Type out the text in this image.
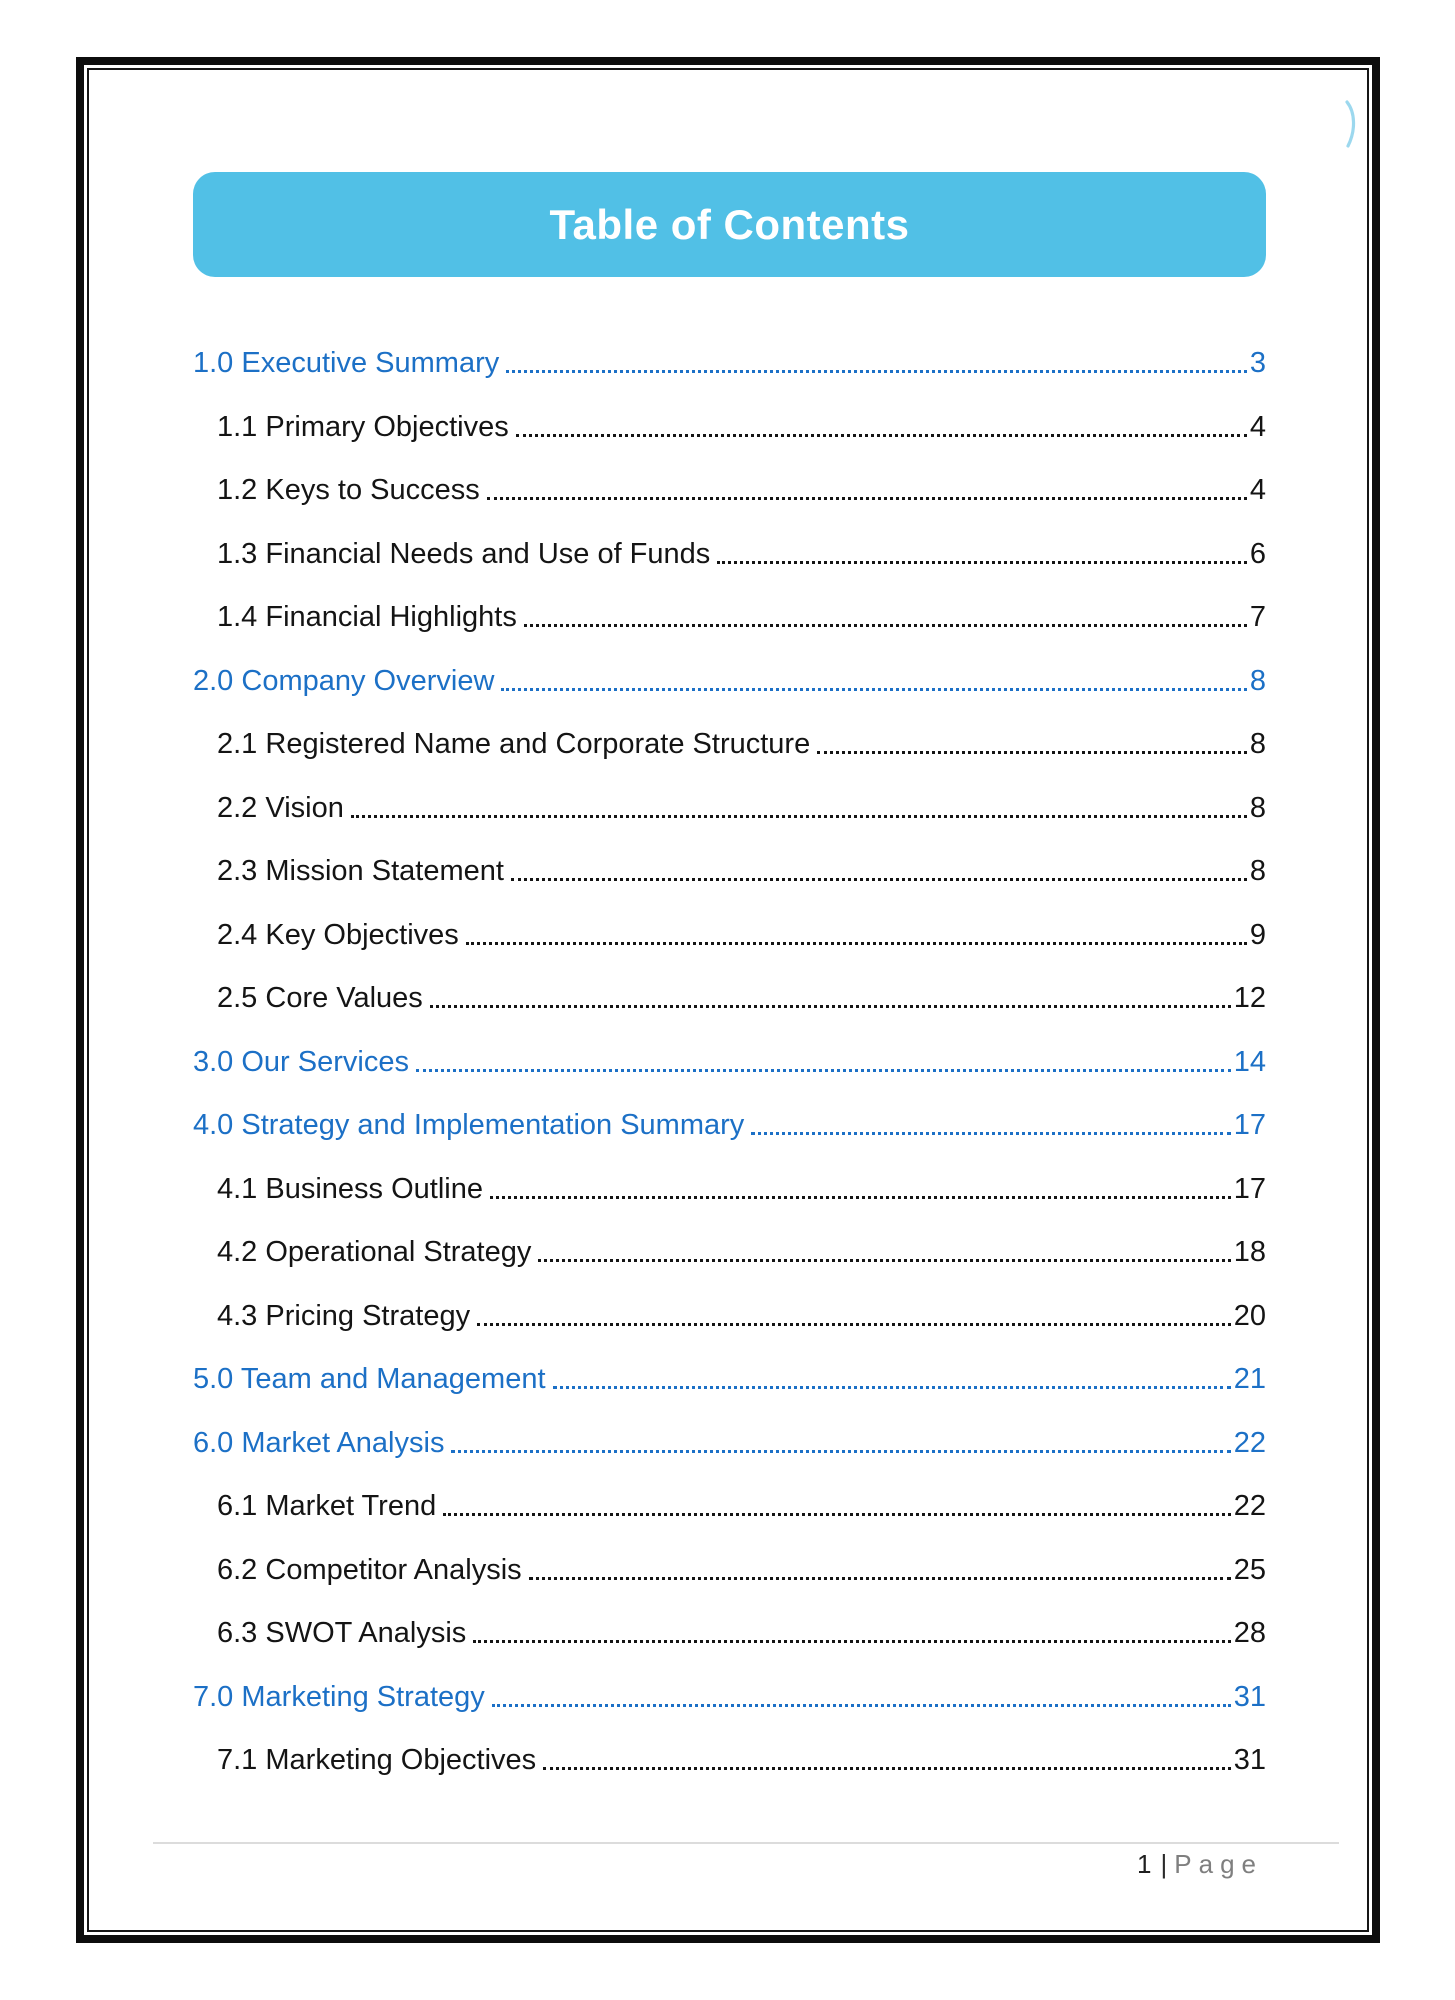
Table of Contents
1.0 Executive Summary	3
1.1 Primary Objectives	4
1.2 Keys to Success	4
1.3 Financial Needs and Use of Funds	6
1.4 Financial Highlights	7
2.0 Company Overview	8
2.1 Registered Name and Corporate Structure	8
2.2 Vision	8
2.3 Mission Statement	8
2.4 Key Objectives	9
2.5 Core Values	12
3.0 Our Services	14
4.0 Strategy and Implementation Summary	17
4.1 Business Outline	17
4.2 Operational Strategy	18
4.3 Pricing Strategy	20
5.0 Team and Management	21
6.0 Market Analysis	22
6.1 Market Trend	22
6.2 Competitor Analysis	25
6.3 SWOT Analysis	28
7.0 Marketing Strategy	31
7.1 Marketing Objectives	31
1 | Page
